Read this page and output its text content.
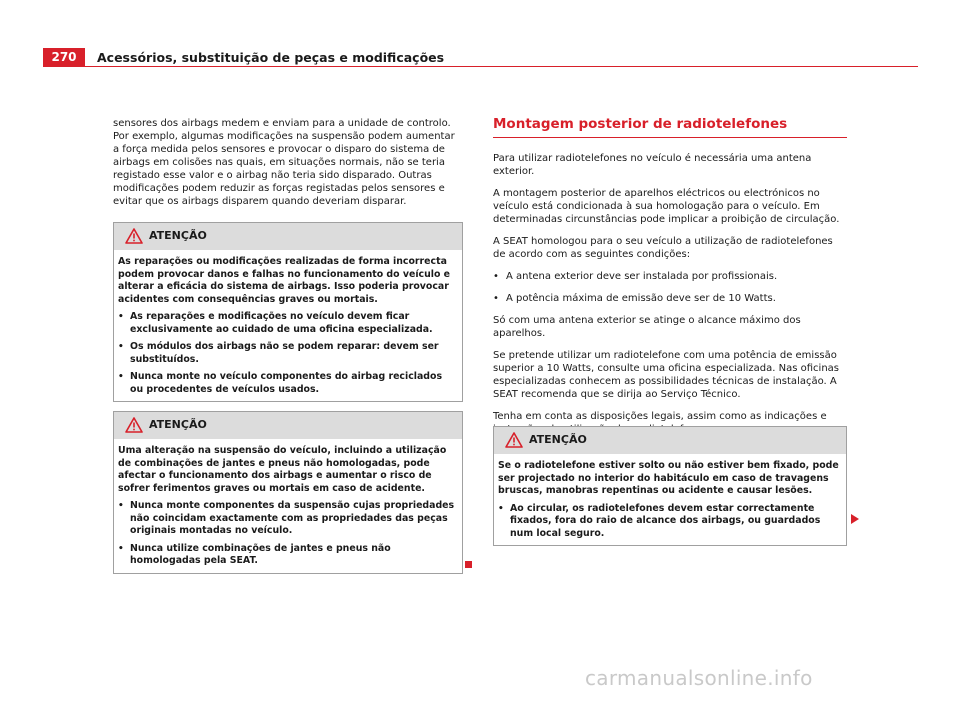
270	Acessórios, substituição de peças e modificações

sensores dos airbags medem e enviam para a unidade de controlo. Por exemplo, algumas modificações na suspensão podem aumentar a força medida pelos sensores e provocar o disparo do sistema de airbags em colisões nas quais, em situações normais, não se teria registado esse valor e o airbag não teria sido disparado. Outras modificações podem reduzir as forças registadas pelos sensores e evitar que os airbags disparem quando deveriam disparar.

ATENÇÃO

As reparações ou modificações realizadas de forma incorrecta podem provocar danos e falhas no funcionamento do veículo e alterar a eficácia do sistema de airbags. Isso poderia provocar acidentes com consequências graves ou mortais.

• As reparações e modificações no veículo devem ficar exclusivamente ao cuidado de uma oficina especializada.

• Os módulos dos airbags não se podem reparar: devem ser substituídos.

• Nunca monte no veículo componentes do airbag reciclados ou procedentes de veículos usados.

ATENÇÃO

Uma alteração na suspensão do veículo, incluindo a utilização de combinações de jantes e pneus não homologadas, pode afectar o funcionamento dos airbags e aumentar o risco de sofrer ferimentos graves ou mortais em caso de acidente.

• Nunca monte componentes da suspensão cujas propriedades não coincidam exactamente com as propriedades das peças originais montadas no veículo.

• Nunca utilize combinações de jantes e pneus não homologadas pela SEAT.

Montagem posterior de radiotelefones

Para utilizar radiotelefones no veículo é necessária uma antena exterior.

A montagem posterior de aparelhos eléctricos ou electrónicos no veículo está condicionada à sua homologação para o veículo. Em determinadas circunstâncias pode implicar a proibição de circulação.

A SEAT homologou para o seu veículo a utilização de radiotelefones de acordo com as seguintes condições:

• A antena exterior deve ser instalada por profissionais.

• A potência máxima de emissão deve ser de 10 Watts.

Só com uma antena exterior se atinge o alcance máximo dos aparelhos.

Se pretende utilizar um radiotelefone com uma potência de emissão superior a 10 Watts, consulte uma oficina especializada. Nas oficinas especializadas conhecem as possibilidades técnicas de instalação. A SEAT recomenda que se dirija ao Serviço Técnico.

Tenha em conta as disposições legais, assim como as indicações e

ATENÇÃO

Se o radiotelefone estiver solto ou não estiver bem fixado, pode ser projectado no interior do habitáculo em caso de travagens bruscas, manobras repentinas ou acidente e causar lesões.

• Ao circular, os radiotelefones devem estar correctamente fixados, fora do raio de alcance dos airbags, ou guardados num local seguro.

carmanualsonline.info
